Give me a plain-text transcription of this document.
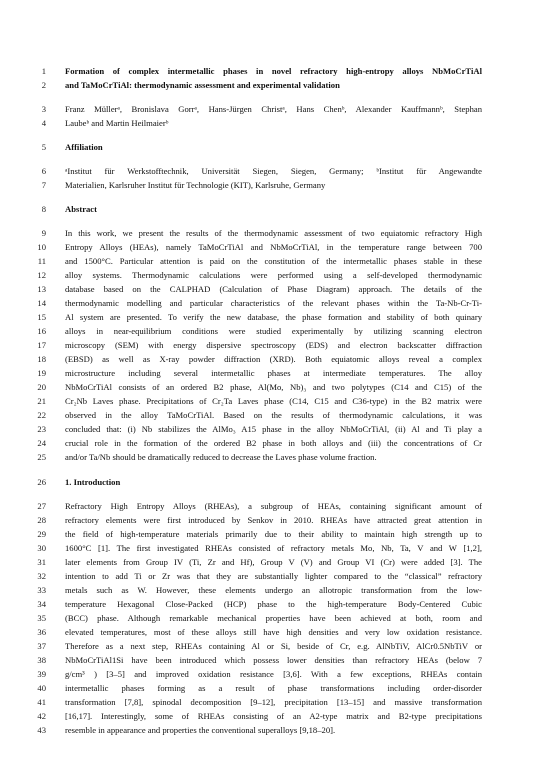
1 Formation of complex intermetallic phases in novel refractory high-entropy alloys NbMoCrTiAl
2 and TaMoCrTiAl: thermodynamic assessment and experimental validation
3 Franz Müllerᵃ, Bronislava Gorrᵃ, Hans-Jürgen Christᵃ, Hans Chenᵇ, Alexander Kauffmannᵇ, Stephan
4 Laubeᵇ and Martin Heilmaierᵇ
5 Affiliation
6 ᵃInstitut für Werkstofftechnik, Universität Siegen, Siegen, Germany; ᵇInstitut für Angewandte
7 Materialien, Karlsruher Institut für Technologie (KIT), Karlsruhe, Germany
8 Abstract
9 In this work, we present the results of the thermodynamic assessment of two equiatomic refractory High
10 Entropy Alloys (HEAs), namely TaMoCrTiAl and NbMoCrTiAl, in the temperature range between 700
11 and 1500°C. Particular attention is paid on the constitution of the intermetallic phases stable in these
12 alloy systems. Thermodynamic calculations were performed using a self-developed thermodynamic
13 database based on the CALPHAD (Calculation of Phase Diagram) approach. The details of the
14 thermodynamic modelling and particular characteristics of the relevant phases within the Ta-Nb-Cr-Ti-
15 Al system are presented. To verify the new database, the phase formation and stability of both quinary
16 alloys in near-equilibrium conditions were studied experimentally by utilizing scanning electron
17 microscopy (SEM) with energy dispersive spectroscopy (EDS) and electron backscatter diffraction
18 (EBSD) as well as X-ray powder diffraction (XRD). Both equiatomic alloys reveal a complex
19 microstructure including several intermetallic phases at intermediate temperatures. The alloy
20 NbMoCrTiAl consists of an ordered B2 phase, Al(Mo, Nb)₃ and two polytypes (C14 and C15) of the
21 Cr₂Nb Laves phase. Precipitations of Cr₂Ta Laves phase (C14, C15 and C36-type) in the B2 matrix were
22 observed in the alloy TaMoCrTiAl. Based on the results of thermodynamic calculations, it was
23 concluded that: (i) Nb stabilizes the AlMo₃ A15 phase in the alloy NbMoCrTiAl, (ii) Al and Ti play a
24 crucial role in the formation of the ordered B2 phase in both alloys and (iii) the concentrations of Cr
25 and/or Ta/Nb should be dramatically reduced to decrease the Laves phase volume fraction.
26 1. Introduction
27 Refractory High Entropy Alloys (RHEAs), a subgroup of HEAs, containing significant amount of
28 refractory elements were first introduced by Senkov in 2010. RHEAs have attracted great attention in
29 the field of high-temperature materials primarily due to their ability to maintain high strength up to
30 1600°C [1]. The first investigated RHEAs consisted of refractory metals Mo, Nb, Ta, V and W [1,2],
31 later elements from Group IV (Ti, Zr and Hf), Group V (V) and Group VI (Cr) were added [3]. The
32 intention to add Ti or Zr was that they are substantially lighter compared to the “classical” refractory
33 metals such as W. However, these elements undergo an allotropic transformation from the low-
34 temperature Hexagonal Close-Packed (HCP) phase to the high-temperature Body-Centered Cubic
35 (BCC) phase. Although remarkable mechanical properties have been achieved at both, room and
36 elevated temperatures, most of these alloys still have high densities and very low oxidation resistance.
37 Therefore as a next step, RHEAs containing Al or Si, beside of Cr, e.g. AlNbTiV, AlCr0.5NbTiV or
38 NbMoCrTiAl1Si have been introduced which possess lower densities than refractory HEAs (below 7
39 g/cm³ ) [3–5] and improved oxidation resistance [3,6]. With a few exceptions, RHEAs contain
40 intermetallic phases forming as a result of phase transformations including order-disorder
41 transformation [7,8], spinodal decomposition [9–12], precipitation [13–15] and massive transformation
42 [16,17]. Interestingly, some of RHEAs consisting of an A2-type matrix and B2-type precipitations
43 resemble in appearance and properties the conventional superalloys [9,18–20].
